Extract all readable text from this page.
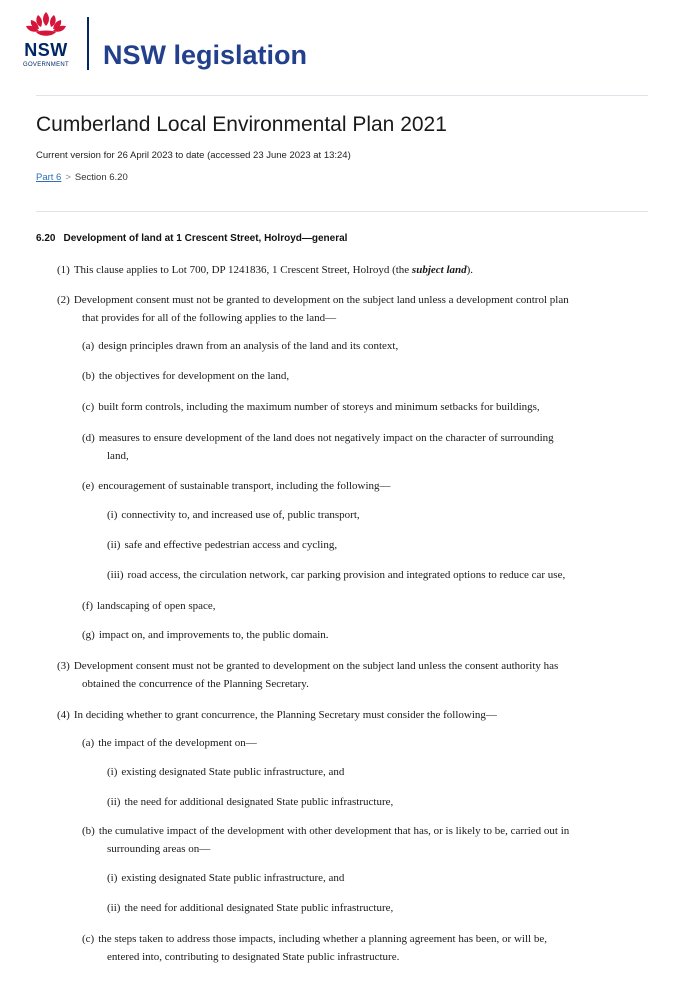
NSW
GOVERNMENT NSW legislation
Cumberland Local Environmental Plan 2021
Current version for 26 April 2023 to date (accessed 23 June 2023 at 13:24)
Part 6 > Section 6.20
6.20 Development of land at 1 Crescent Street, Holroyd—general
(1) This clause applies to Lot 700, DP 1241836, 1 Crescent Street, Holroyd (the subject land).
(2) Development consent must not be granted to development on the subject land unless a development control plan
that provides for all of the following applies to the land—
(a) design principles drawn from an analysis of the land and its context,
(b) the objectives for development on the land,
(c) built form controls, including the maximum number of storeys and minimum setbacks for buildings,
(d) measures to ensure development of the land does not negatively impact on the character of surrounding
land,
(e) encouragement of sustainable transport, including the following—
(i) connectivity to, and increased use of, public transport,
(ii) safe and effective pedestrian access and cycling,
(iii) road access, the circulation network, car parking provision and integrated options to reduce car use,
(f) landscaping of open space,
(g) impact on, and improvements to, the public domain.
(3) Development consent must not be granted to development on the subject land unless the consent authority has
obtained the concurrence of the Planning Secretary.
(4) In deciding whether to grant concurrence, the Planning Secretary must consider the following—
(a) the impact of the development on—
(i) existing designated State public infrastructure, and
(ii) the need for additional designated State public infrastructure,
(b) the cumulative impact of the development with other development that has, or is likely to be, carried out in
surrounding areas on—
(i) existing designated State public infrastructure, and
(ii) the need for additional designated State public infrastructure,
(c) the steps taken to address those impacts, including whether a planning agreement has been, or will be,
entered into, contributing to designated State public infrastructure.
